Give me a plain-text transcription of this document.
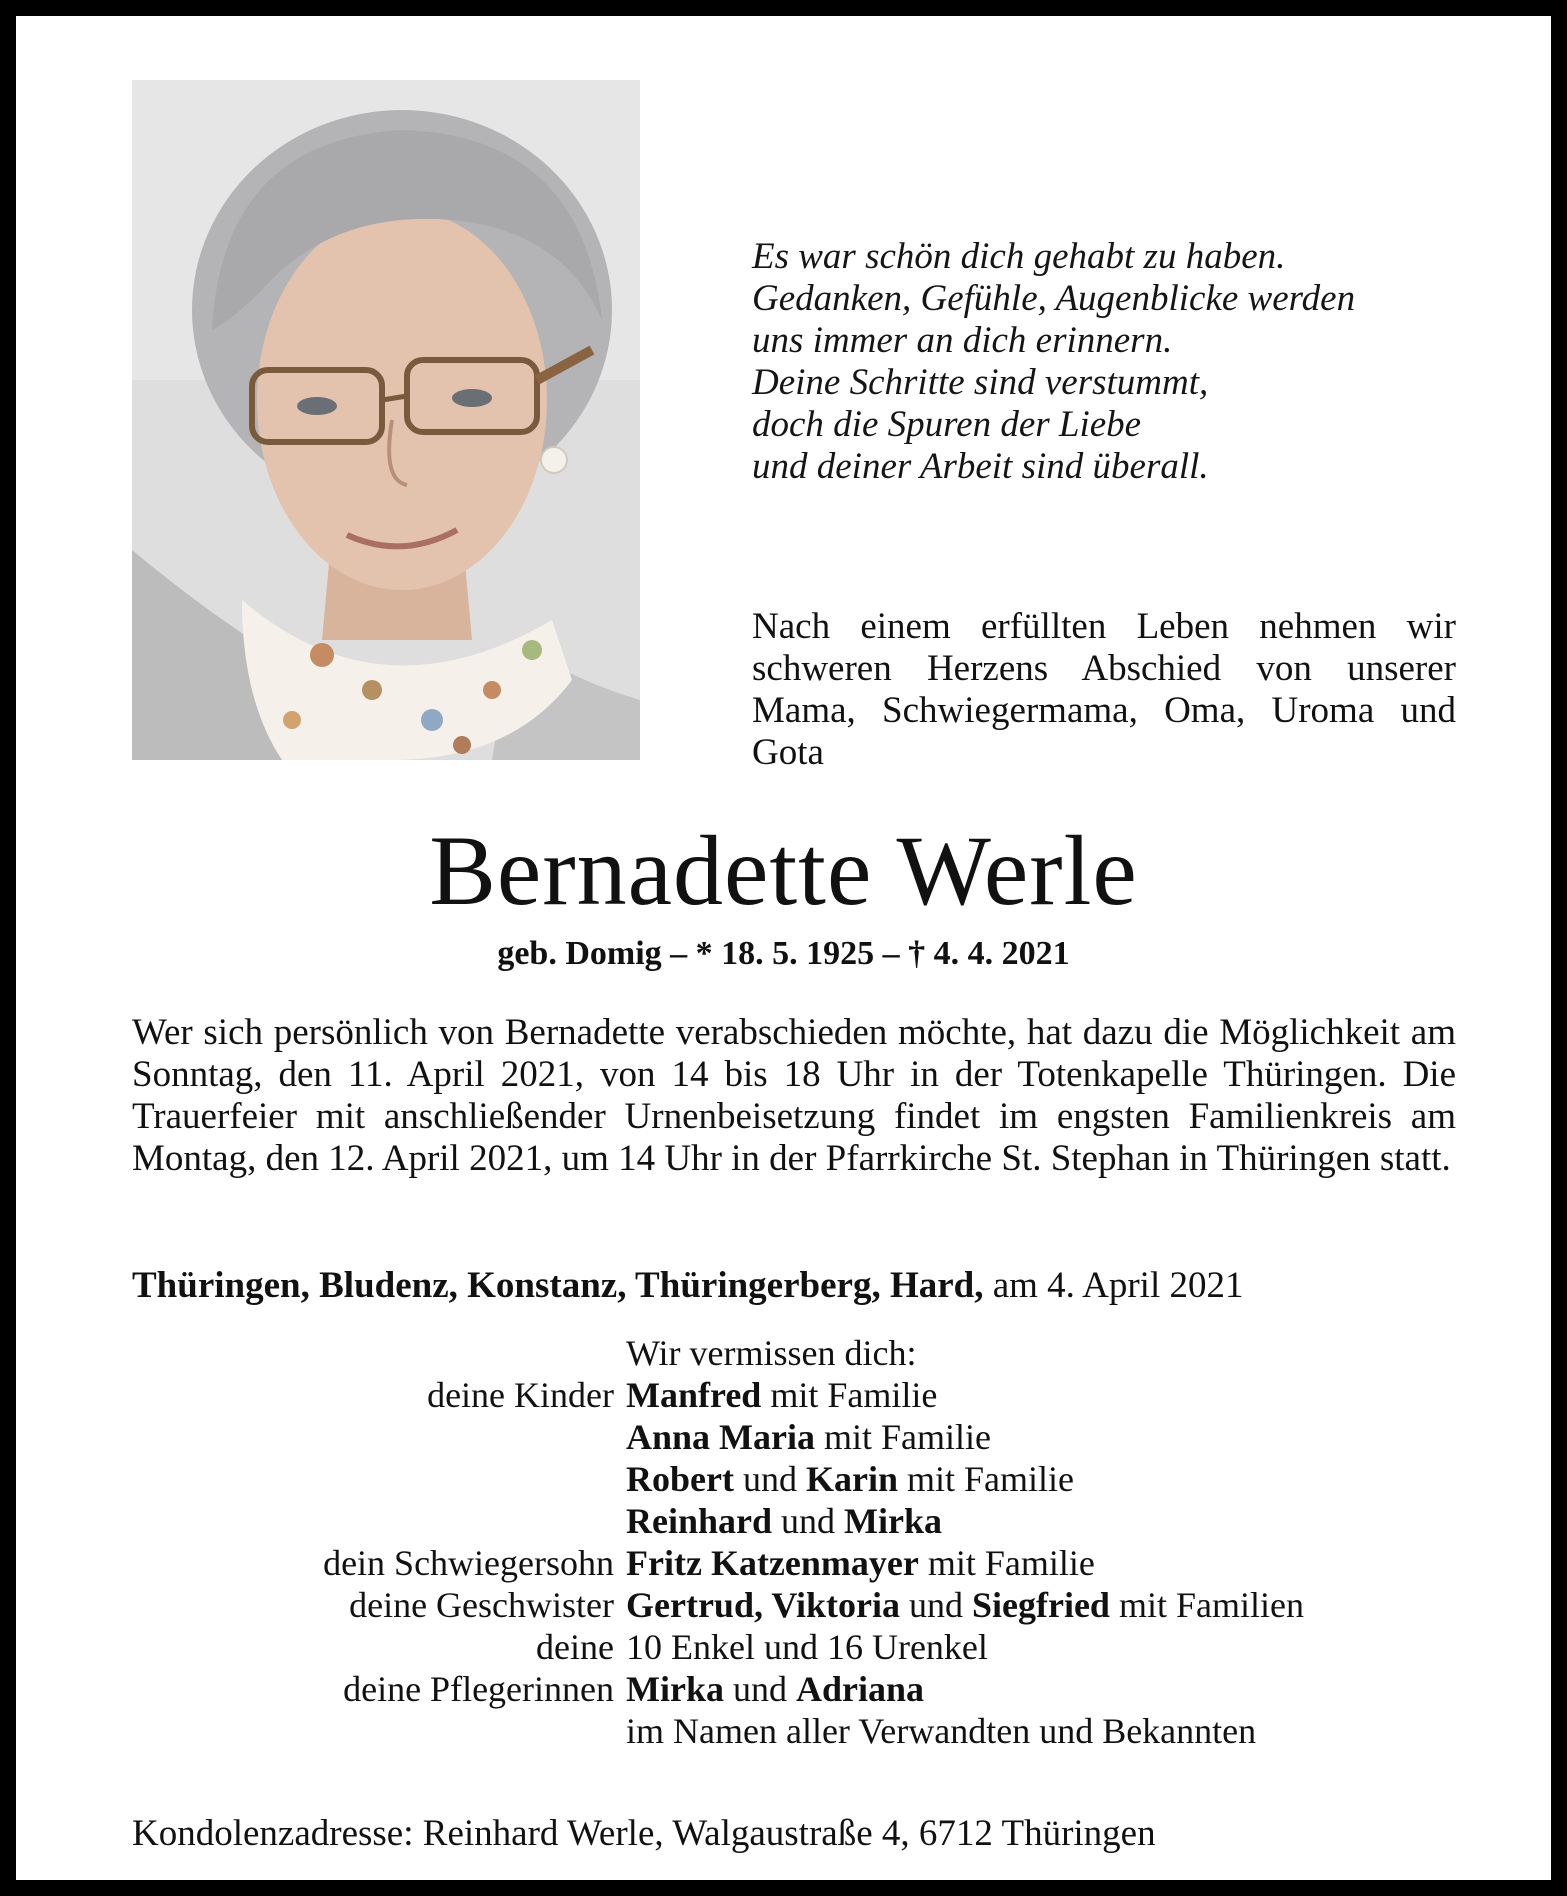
Es war schön dich gehabt zu haben.
Gedanken, Gefühle, Augenblicke werden
uns immer an dich erinnern.
Deine Schritte sind verstummt,
doch die Spuren der Liebe
und deiner Arbeit sind überall.
Nach einem erfüllten Leben nehmen wir schweren Herzens Abschied von unserer Mama, Schwiegermama, Oma, Uroma und Gota
Bernadette Werle
geb. Domig – * 18. 5. 1925 – † 4. 4. 2021
Wer sich persönlich von Bernadette verabschieden möchte, hat dazu die Möglichkeit am Sonntag, den 11. April 2021, von 14 bis 18 Uhr in der Totenkapelle Thüringen. Die Trauerfeier mit anschließender Urnenbeisetzung findet im engsten Familienkreis am Montag, den 12. April 2021, um 14 Uhr in der Pfarrkirche St. Stephan in Thüringen statt.
Thüringen, Bludenz, Konstanz, Thüringerberg, Hard, am 4. April 2021
Wir vermissen dich:
deine Kinder Manfred mit Familie
Anna Maria mit Familie
Robert und Karin mit Familie
Reinhard und Mirka
dein Schwiegersohn Fritz Katzenmayer mit Familie
deine Geschwister Gertrud, Viktoria und Siegfried mit Familien
deine 10 Enkel und 16 Urenkel
deine Pflegerinnen Mirka und Adriana
im Namen aller Verwandten und Bekannten
Kondolenzadresse: Reinhard Werle, Walgaustraße 4, 6712 Thüringen
